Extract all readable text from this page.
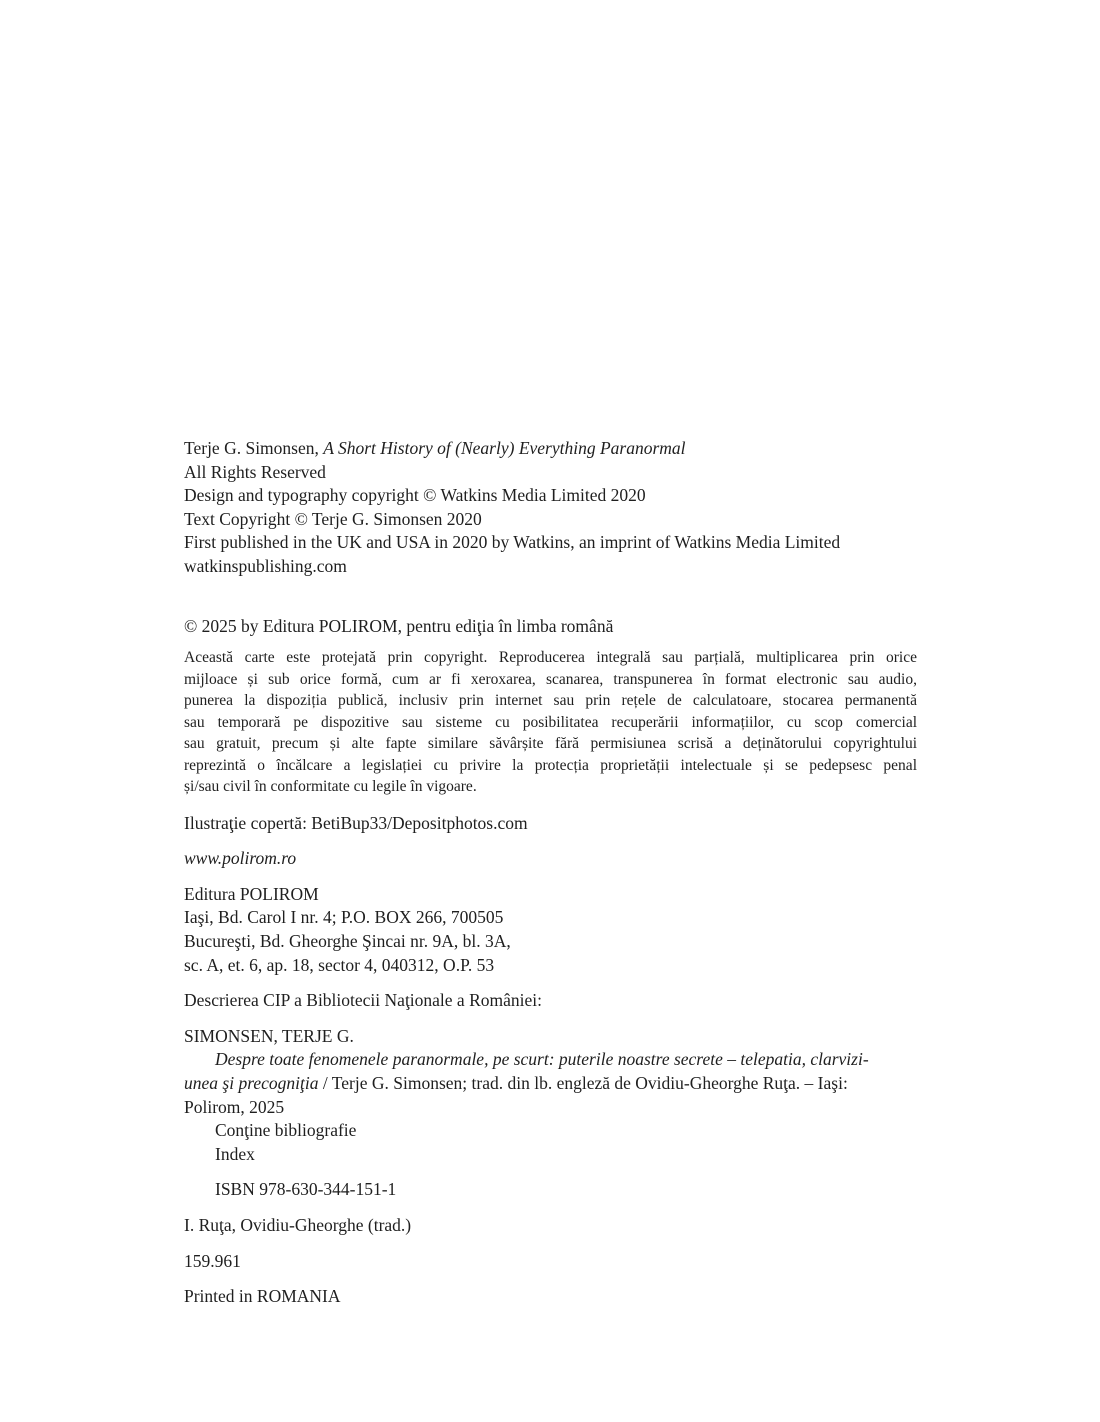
Terje G. Simonsen, A Short History of (Nearly) Everything Paranormal
All Rights Reserved
Design and typography copyright © Watkins Media Limited 2020
Text Copyright © Terje G. Simonsen 2020
First published in the UK and USA in 2020 by Watkins, an imprint of Watkins Media Limited
watkinspublishing.com
© 2025 by Editura POLIROM, pentru ediţia în limba română
Această carte este protejată prin copyright. Reproducerea integrală sau parțială, multiplicarea prin orice
mijloace și sub orice formă, cum ar fi xeroxarea, scanarea, transpunerea în format electronic sau audio,
punerea la dispoziția publică, inclusiv prin internet sau prin rețele de calculatoare, stocarea permanentă
sau temporară pe dispozitive sau sisteme cu posibilitatea recuperării informațiilor, cu scop comercial
sau gratuit, precum și alte fapte similare săvârșite fără permisiunea scrisă a deținătorului copyrightului
reprezintă o încălcare a legislației cu privire la protecția proprietății intelectuale și se pedepsesc penal
și/sau civil în conformitate cu legile în vigoare.
Ilustraţie copertă: BetiBup33/Depositphotos.com
www.polirom.ro
Editura POLIROM
Iaşi, Bd. Carol I nr. 4; P.O. BOX 266, 700505
Bucureşti, Bd. Gheorghe Şincai nr. 9A, bl. 3A,
sc. A, et. 6, ap. 18, sector 4, 040312, O.P. 53
Descrierea CIP a Bibliotecii Naţionale a României:
SIMONSEN, TERJE G.
Despre toate fenomenele paranormale, pe scurt: puterile noastre secrete – telepatia, clarvizi-
unea şi precogniţia / Terje G. Simonsen; trad. din lb. engleză de Ovidiu-Gheorghe Ruţa. – Iaşi:
Polirom, 2025
Conţine bibliografie
Index
ISBN 978-630-344-151-1
I. Ruţa, Ovidiu-Gheorghe (trad.)
159.961
Printed in ROMANIA
